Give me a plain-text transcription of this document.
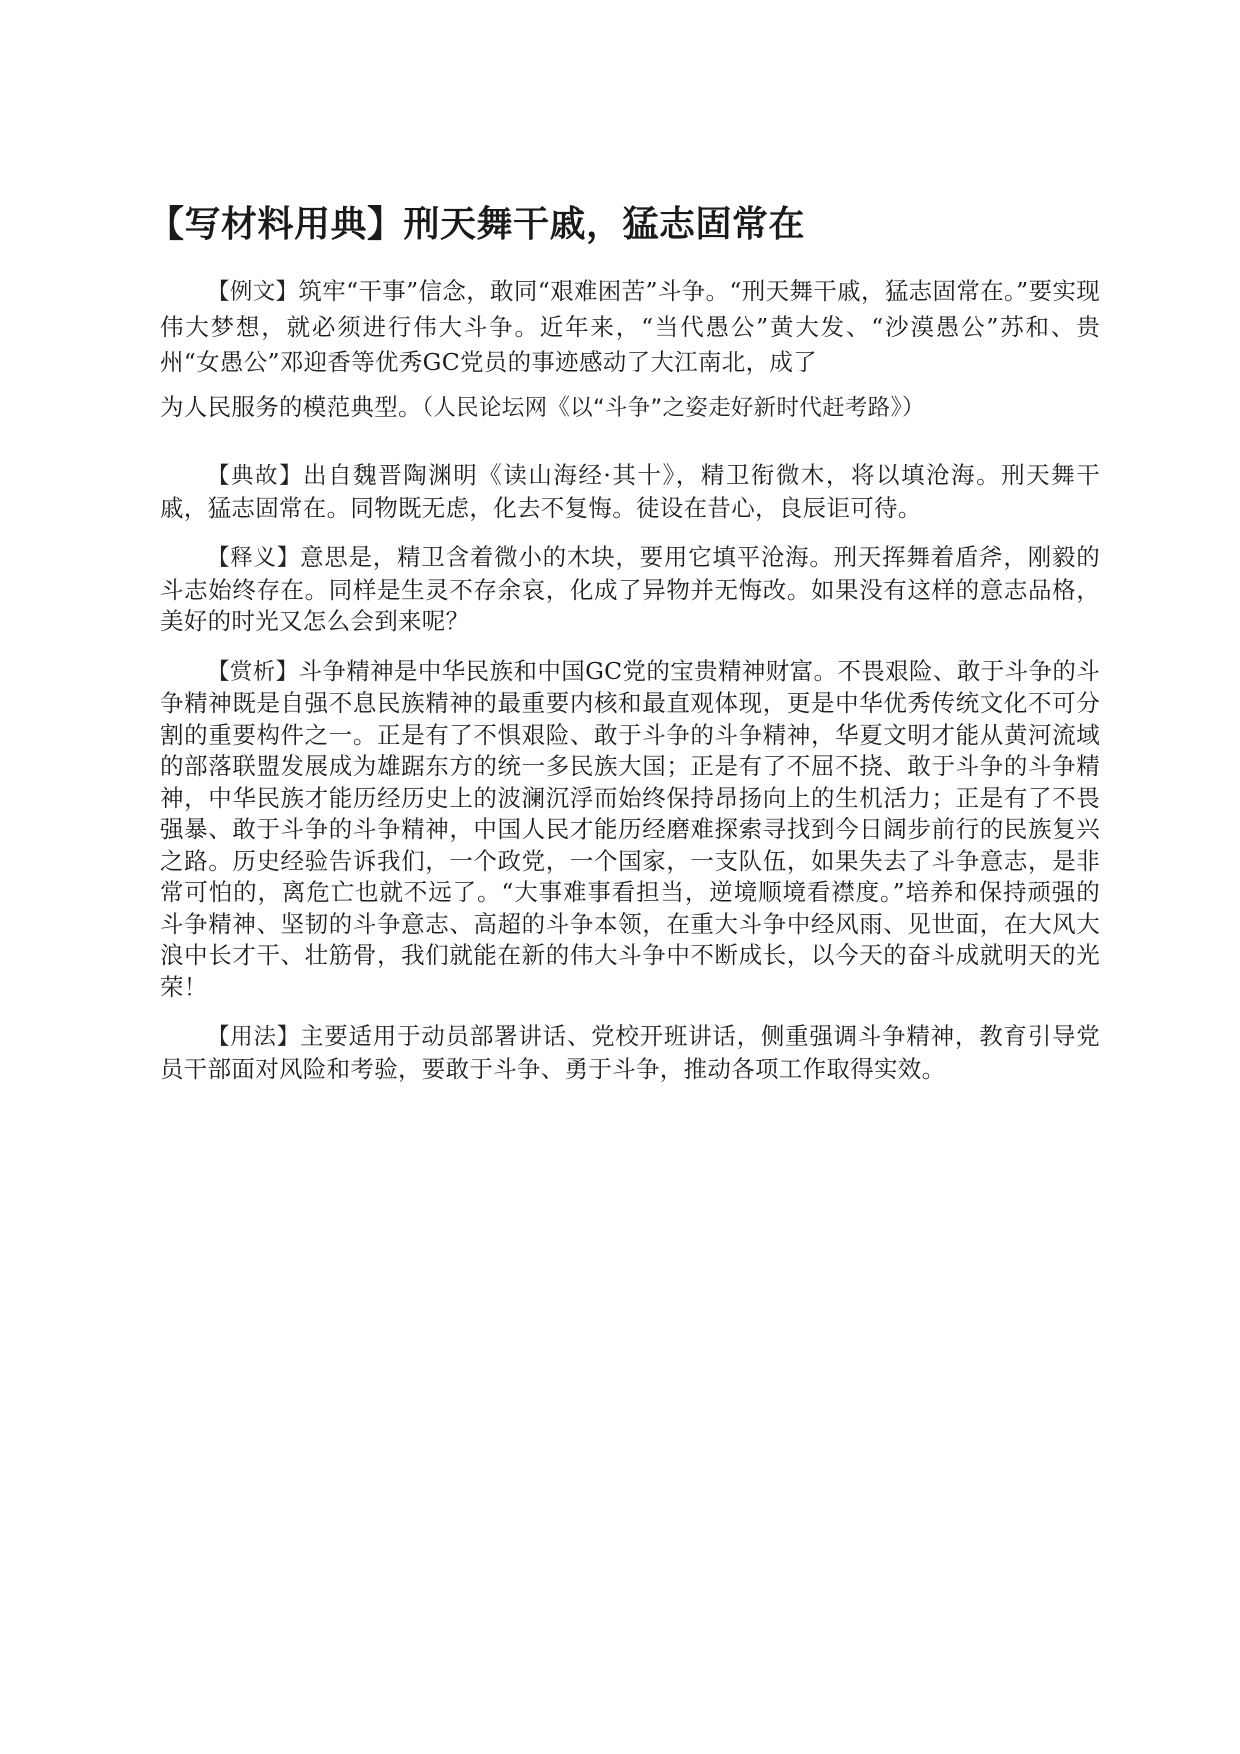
【写材料用典】刑天舞干戚，猛志固常在

【例文】筑牢“干事”信念，敢同“艰难困苦”斗争。“刑天舞干戚，猛志固常在。”要实现伟大梦想，就必须进行伟大斗争。近年来，“当代愚公”黄大发、“沙漠愚公”苏和、贵州“女愚公”邓迎香等优秀GC党员的事迹感动了大江南北，成了
为人民服务的模范典型。（人民论坛网《以“斗争”之姿走好新时代赶考路》）

【典故】出自魏晋陶渊明《读山海经·其十》，精卫衔微木，将以填沧海。刑天舞干戚，猛志固常在。同物既无虑，化去不复悔。徒设在昔心，良辰讵可待。

【释义】意思是，精卫含着微小的木块，要用它填平沧海。刑天挥舞着盾斧，刚毅的斗志始终存在。同样是生灵不存余哀，化成了异物并无悔改。如果没有这样的意志品格，美好的时光又怎么会到来呢？

【赏析】斗争精神是中华民族和中国GC党的宝贵精神财富。不畏艰险、敢于斗争的斗争精神既是自强不息民族精神的最重要内核和最直观体现，更是中华优秀传统文化不可分割的重要构件之一。正是有了不惧艰险、敢于斗争的斗争精神，华夏文明才能从黄河流域的部落联盟发展成为雄踞东方的统一多民族大国；正是有了不屈不挠、敢于斗争的斗争精神，中华民族才能历经历史上的波澜沉浮而始终保持昂扬向上的生机活力；正是有了不畏强暴、敢于斗争的斗争精神，中国人民才能历经磨难探索寻找到今日阔步前行的民族复兴之路。历史经验告诉我们，一个政党，一个国家，一支队伍，如果失去了斗争意志，是非常可怕的，离危亡也就不远了。“大事难事看担当，逆境顺境看襟度。”培养和保持顽强的斗争精神、坚韧的斗争意志、高超的斗争本领，在重大斗争中经风雨、见世面，在大风大浪中长才干、壮筋骨，我们就能在新的伟大斗争中不断成长，以今天的奋斗成就明天的光荣！

【用法】主要适用于动员部署讲话、党校开班讲话，侧重强调斗争精神，教育引导党员干部面对风险和考验，要敢于斗争、勇于斗争，推动各项工作取得实效。
